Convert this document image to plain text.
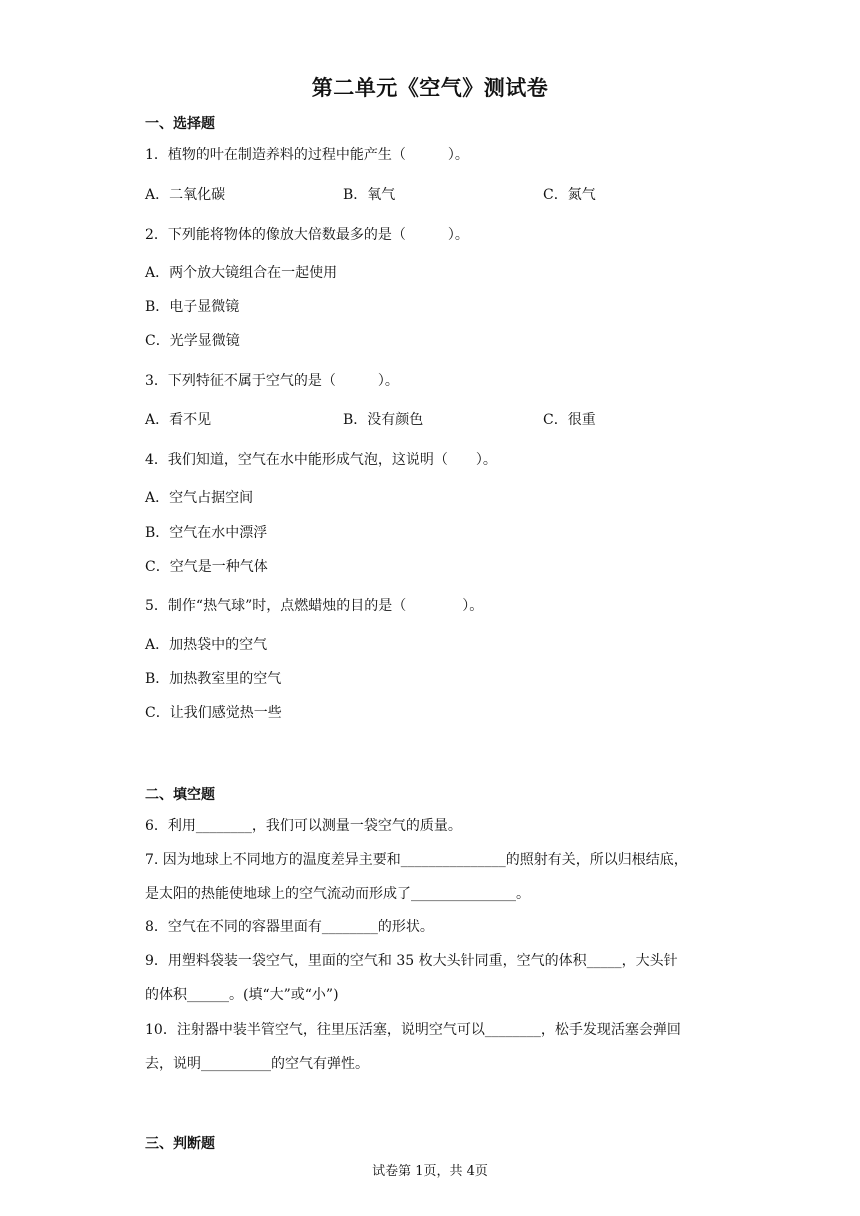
第二单元《空气》测试卷
一、选择题
1．植物的叶在制造养料的过程中能产生（　　　）。
A．二氧化碳	B．氧气	C．氮气
2．下列能将物体的像放大倍数最多的是（　　　）。
A．两个放大镜组合在一起使用
B．电子显微镜
C．光学显微镜
3．下列特征不属于空气的是（　　　）。
A．看不见	B．没有颜色	C．很重
4．我们知道，空气在水中能形成气泡，这说明（　　）。
A．空气占据空间
B．空气在水中漂浮
C．空气是一种气体
5．制作“热气球”时，点燃蜡烛的目的是（　　　　）。
A．加热袋中的空气
B．加热教室里的空气
C．让我们感觉热一些
二、填空题
6．利用________，我们可以测量一袋空气的质量。
7. 因为地球上不同地方的温度差异主要和_______________的照射有关，所以归根结底，
是太阳的热能使地球上的空气流动而形成了_______________。
8．空气在不同的容器里面有________的形状。
9．用塑料袋装一袋空气，里面的空气和 35 枚大头针同重，空气的体积_____，大头针
的体积______。(填“大”或“小”)
10．注射器中装半管空气，往里压活塞，说明空气可以________，松手发现活塞会弹回
去，说明__________的空气有弹性。
三、判断题
试卷第 1页，共 4页
